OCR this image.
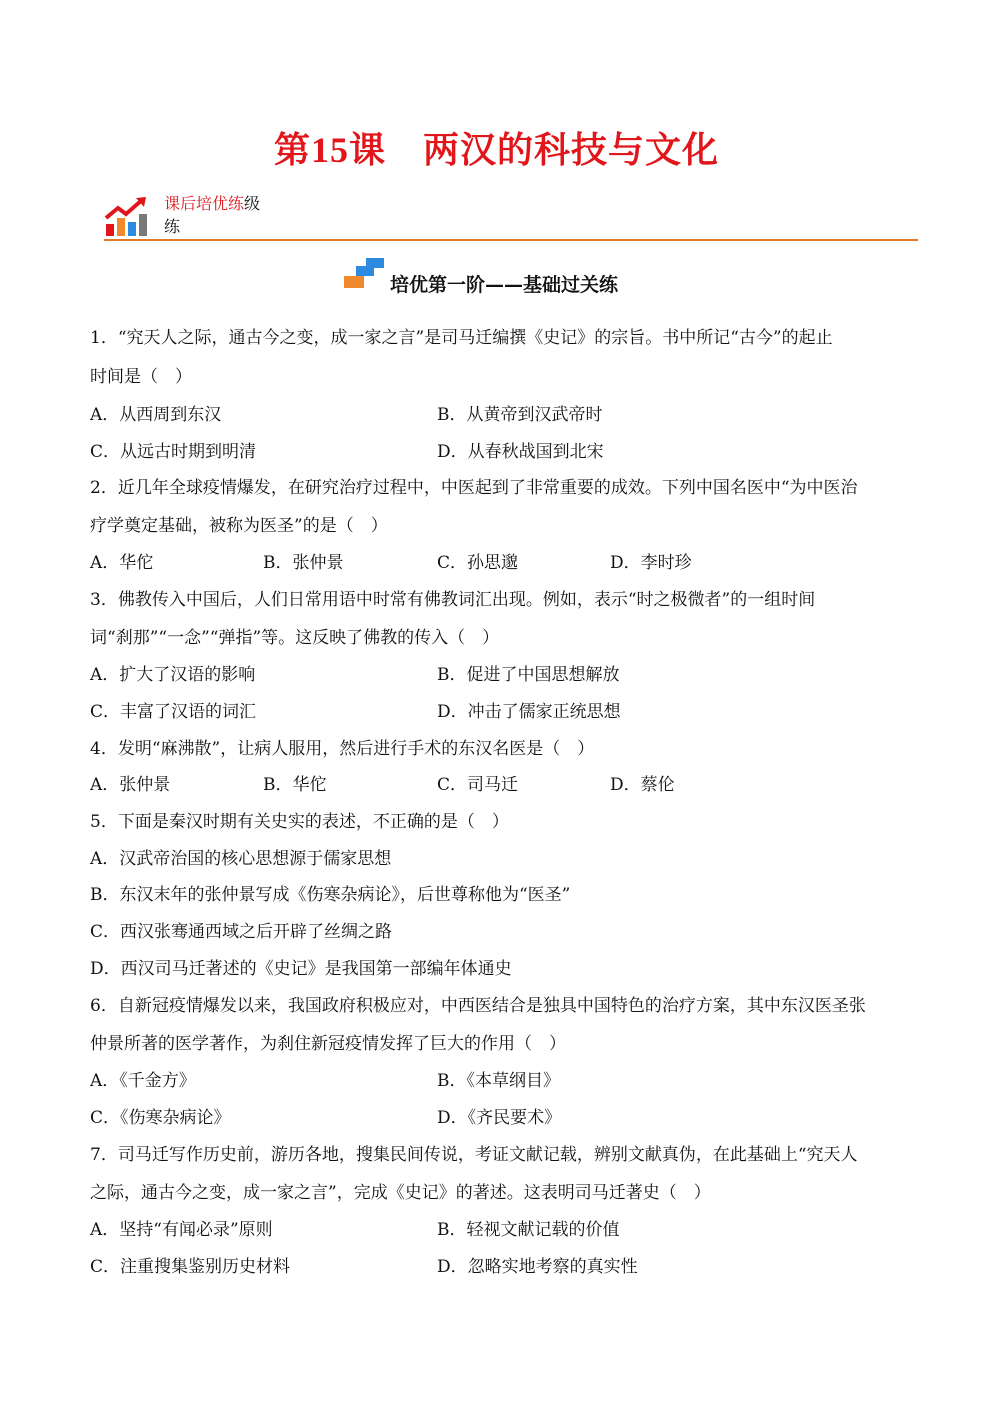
第15课　两汉的科技与文化
课后培优练级
练
培优第一阶——基础过关练
1．“究天人之际，通古今之变，成一家之言”是司马迁编撰《史记》的宗旨。书中所记“古今”的起止
时间是（　）
A．从西周到东汉	B．从黄帝到汉武帝时
C．从远古时期到明清	D．从春秋战国到北宋
2．近几年全球疫情爆发，在研究治疗过程中，中医起到了非常重要的成效。下列中国名医中“为中医治
疗学奠定基础，被称为医圣”的是（　）
A．华佗	B．张仲景	C．孙思邈	D．李时珍
3．佛教传入中国后，人们日常用语中时常有佛教词汇出现。例如，表示“时之极微者”的一组时间
词“刹那”“一念”“弹指”等。这反映了佛教的传入（　）
A．扩大了汉语的影响	B．促进了中国思想解放
C．丰富了汉语的词汇	D．冲击了儒家正统思想
4．发明“麻沸散”，让病人服用，然后进行手术的东汉名医是（　）
A．张仲景	B．华佗	C．司马迁	D．蔡伦
5．下面是秦汉时期有关史实的表述，不正确的是（　）
A．汉武帝治国的核心思想源于儒家思想
B．东汉末年的张仲景写成《伤寒杂病论》，后世尊称他为“医圣”
C．西汉张骞通西域之后开辟了丝绸之路
D．西汉司马迁著述的《史记》是我国第一部编年体通史
6．自新冠疫情爆发以来，我国政府积极应对，中西医结合是独具中国特色的治疗方案，其中东汉医圣张
仲景所著的医学著作，为刹住新冠疫情发挥了巨大的作用（　）
A．《千金方》	B．《本草纲目》
C．《伤寒杂病论》	D．《齐民要术》
7．司马迁写作历史前，游历各地，搜集民间传说，考证文献记载，辨别文献真伪，在此基础上“究天人
之际，通古今之变，成一家之言”，完成《史记》的著述。这表明司马迁著史（　）
A．坚持“有闻必录”原则	B．轻视文献记载的价值
C．注重搜集鉴别历史材料	D．忽略实地考察的真实性
